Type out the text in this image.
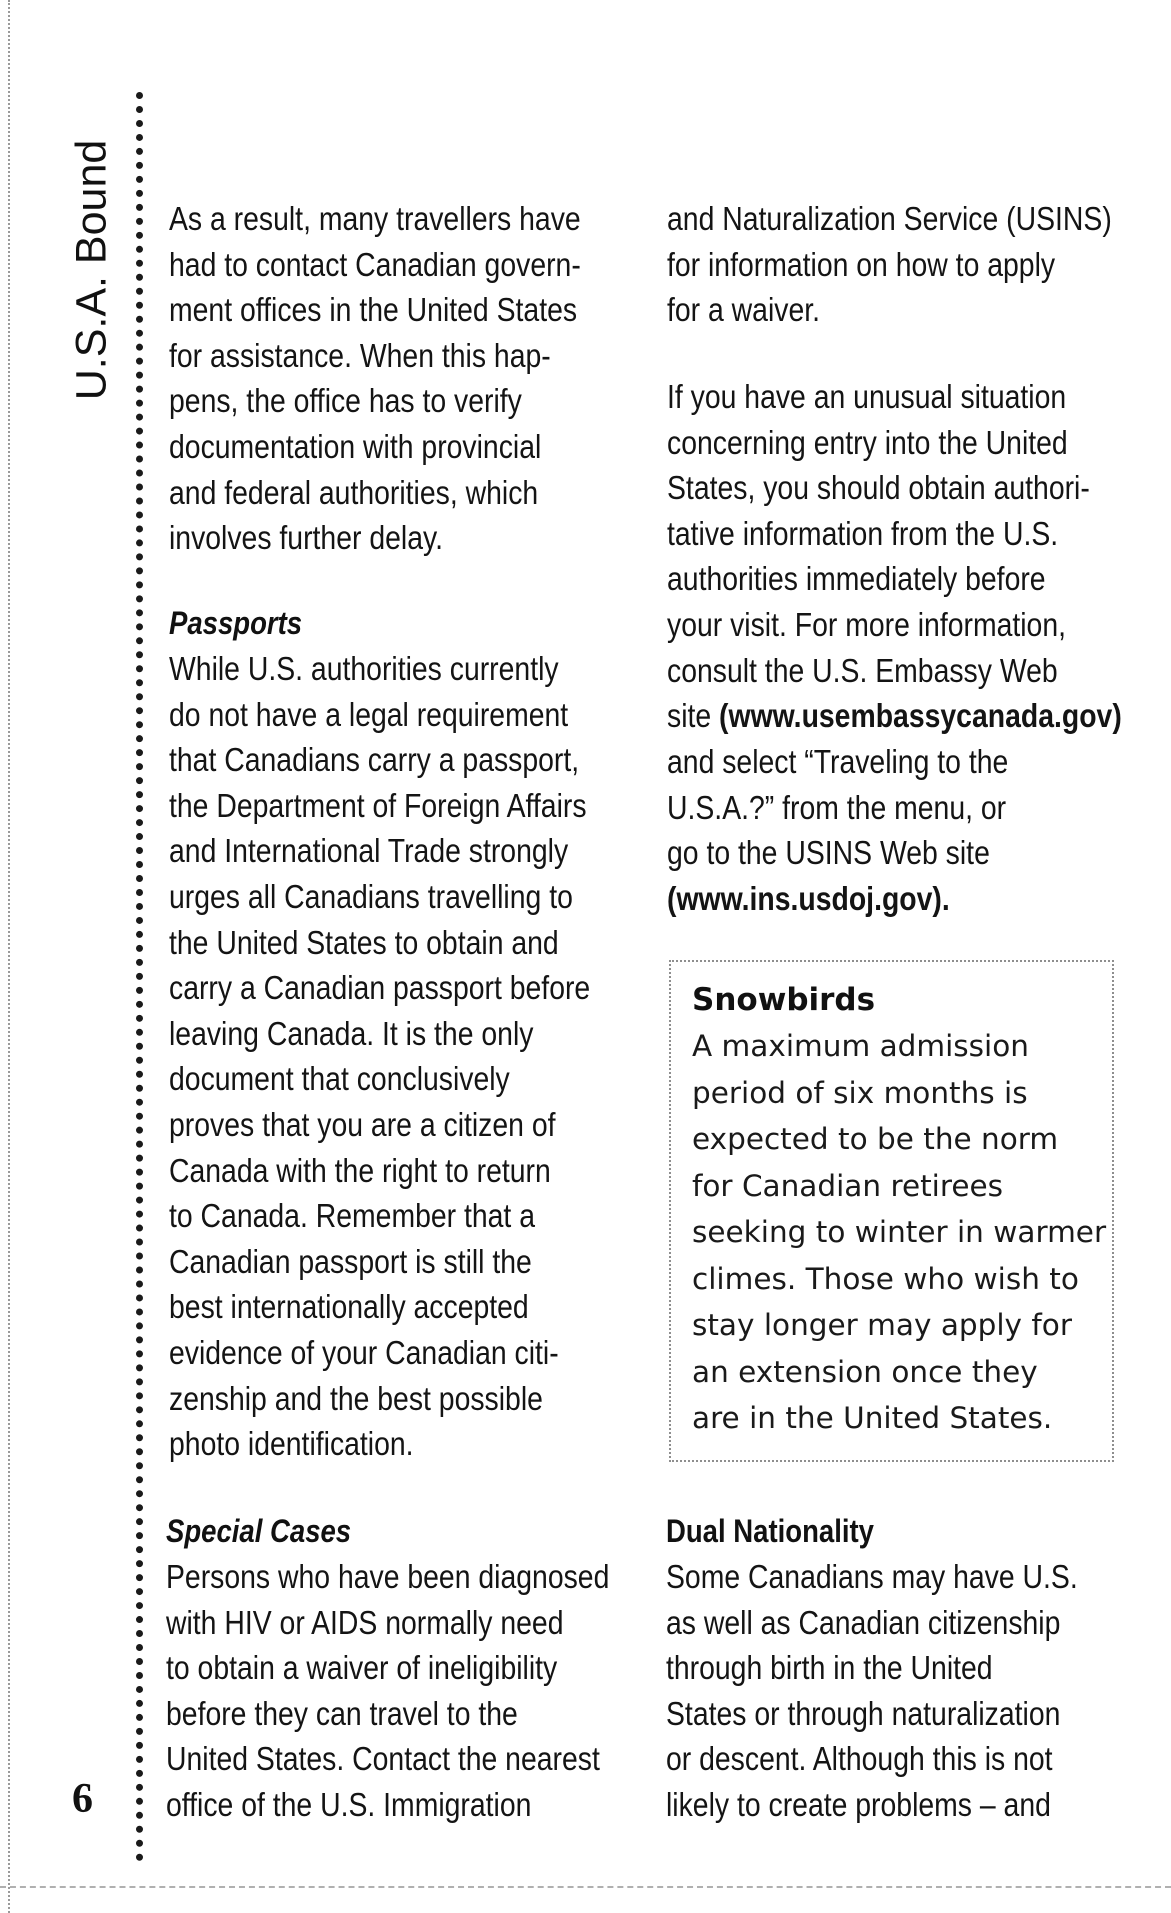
U.S.A. Bound
6
As a result, many travellers have
had to contact Canadian govern-
ment offices in the United States
for assistance. When this hap-
pens, the office has to verify
documentation with provincial
and federal authorities, which
involves further delay.
Passports
While U.S. authorities currently
do not have a legal requirement
that Canadians carry a passport,
the Department of Foreign Affairs
and International Trade strongly
urges all Canadians travelling to
the United States to obtain and
carry a Canadian passport before
leaving Canada. It is the only
document that conclusively
proves that you are a citizen of
Canada with the right to return
to Canada. Remember that a
Canadian passport is still the
best internationally accepted
evidence of your Canadian citi-
zenship and the best possible
photo identification.
Special Cases
Persons who have been diagnosed
with HIV or AIDS normally need
to obtain a waiver of ineligibility
before they can travel to the
United States. Contact the nearest
office of the U.S. Immigration
and Naturalization Service (USINS)
for information on how to apply
for a waiver.
If you have an unusual situation
concerning entry into the United
States, you should obtain authori-
tative information from the U.S.
authorities immediately before
your visit. For more information,
consult the U.S. Embassy Web
site (www.usembassycanada.gov)
and select “Traveling to the
U.S.A.?” from the menu, or
go to the USINS Web site
(www.ins.usdoj.gov).
Snowbirds
A maximum admission
period of six months is
expected to be the norm
for Canadian retirees
seeking to winter in warmer
climes. Those who wish to
stay longer may apply for
an extension once they
are in the United States.
Dual Nationality
Some Canadians may have U.S.
as well as Canadian citizenship
through birth in the United
States or through naturalization
or descent. Although this is not
likely to create problems – and
